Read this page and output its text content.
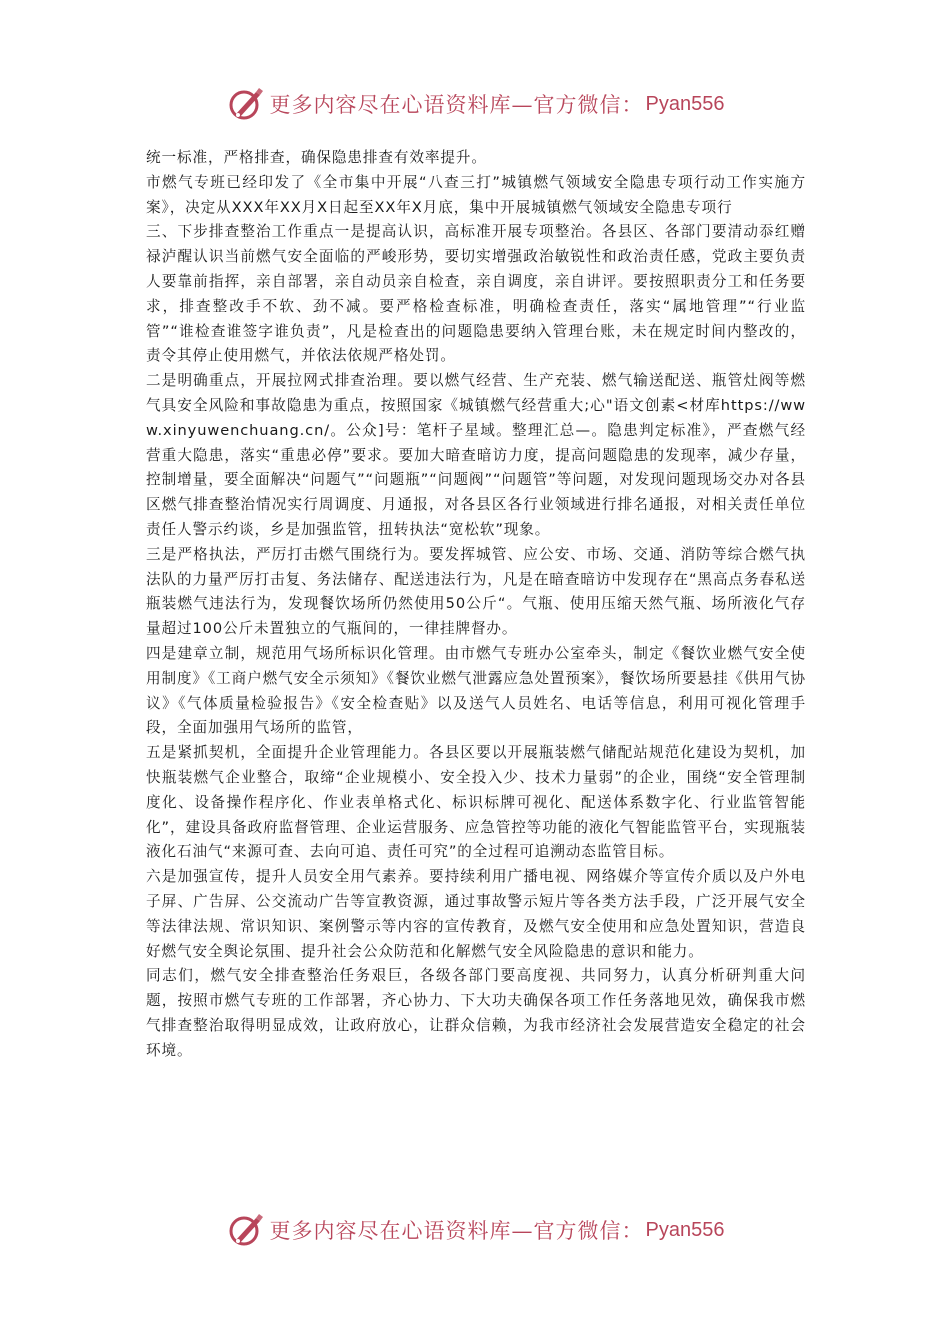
更多内容尽在心语资料库—官方微信： Pyan556

统一标准，严格排查，确保隐患排查有效率提升。

市燃气专班已经印发了《全市集中开展“八查三打”城镇燃气领域安全隐患专项行动工作实施方案》，决定从XXX年XX月X日起至XX年X月底，集中开展城镇燃气领域安全隐患专项行

三、下步排查整治工作重点一是提高认识，高标准开展专项整治。各县区、各部门要清动忝红赠禄泸醒认识当前燃气安全面临的严峻形势，要切实增强政治敏锐性和政治责任感，党政主要负责人要靠前指挥，亲自部署，亲自动员亲自检查，亲自调度，亲自讲评。要按照职责分工和任务要求，排查整改手不软、劲不减。要严格检查标准，明确检查责任，落实“属地管理”“行业监管”“谁检查谁签字谁负责”，凡是检查出的问题隐患要纳入管理台账，未在规定时间内整改的，责令其停止使用燃气，并依法依规严格处罚。

二是明确重点，开展拉网式排查治理。要以燃气经营、生产充装、燃气输送配送、瓶管灶阀等燃气具安全风险和事故隐患为重点，按照国家《城镇燃气经营重大;心"语文创素<材库https://www.xinyuwenchuang.cn/。公众]号：笔杆子星域。整理汇总—。隐患判定标准》，严查燃气经营重大隐患，落实“重患必停”要求。要加大暗查暗访力度，提高问题隐患的发现率，减少存量，控制增量，要全面解决“问题气”“问题瓶”“问题阀”“问题管”等问题，对发现问题现场交办对各县区燃气排查整治情况实行周调度、月通报，对各县区各行业领域进行排名通报，对相关责任单位责任人警示约谈，乡是加强监管，扭转执法“宽松软”现象。

三是严格执法，严厉打击燃气围绕行为。要发挥城管、应公安、市场、交通、消防等综合燃气执法队的力量严厉打击复、务法储存、配送违法行为，凡是在暗查暗访中发现存在“黑高点务春私送瓶装燃气违法行为，发现餐饮场所仍然使用50公斤“。气瓶、使用压缩天然气瓶、场所液化气存量超过100公斤未置独立的气瓶间的，一律挂牌督办。

四是建章立制，规范用气场所标识化管理。由市燃气专班办公室牵头，制定《餐饮业燃气安全使用制度》《工商户燃气安全示须知》《餐饮业燃气泄露应急处置预案》，餐饮场所要悬挂《供用气协议》《气体质量检验报告》《安全检查贴》以及送气人员姓名、电话等信息，利用可视化管理手段，全面加强用气场所的监管，

五是紧抓契机，全面提升企业管理能力。各县区要以开展瓶装燃气储配站规范化建设为契机，加快瓶装燃气企业整合，取缔“企业规模小、安全投入少、技术力量弱”的企业，围绕“安全管理制度化、设备操作程序化、作业表单格式化、标识标牌可视化、配送体系数字化、行业监管智能化”，建设具备政府监督管理、企业运营服务、应急管控等功能的液化气智能监管平台，实现瓶装液化石油气“来源可查、去向可追、责任可究”的全过程可追溯动态监管目标。

六是加强宣传，提升人员安全用气素养。要持续利用广播电视、网络媒介等宣传介质以及户外电子屏、广告屏、公交流动广告等宣教资源，通过事故警示短片等各类方法手段，广泛开展气安全等法律法规、常识知识、案例警示等内容的宣传教育，及燃气安全使用和应急处置知识，营造良好燃气安全舆论氛围、提升社会公众防范和化解燃气安全风险隐患的意识和能力。

同志们，燃气安全排查整治任务艰巨，各级各部门要高度视、共同努力，认真分析研判重大问题，按照市燃气专班的工作部署，齐心协力、下大功夫确保各项工作任务落地见效，确保我市燃气排查整治取得明显成效，让政府放心，让群众信赖，为我市经济社会发展营造安全稳定的社会环境。

更多内容尽在心语资料库—官方微信： Pyan556
